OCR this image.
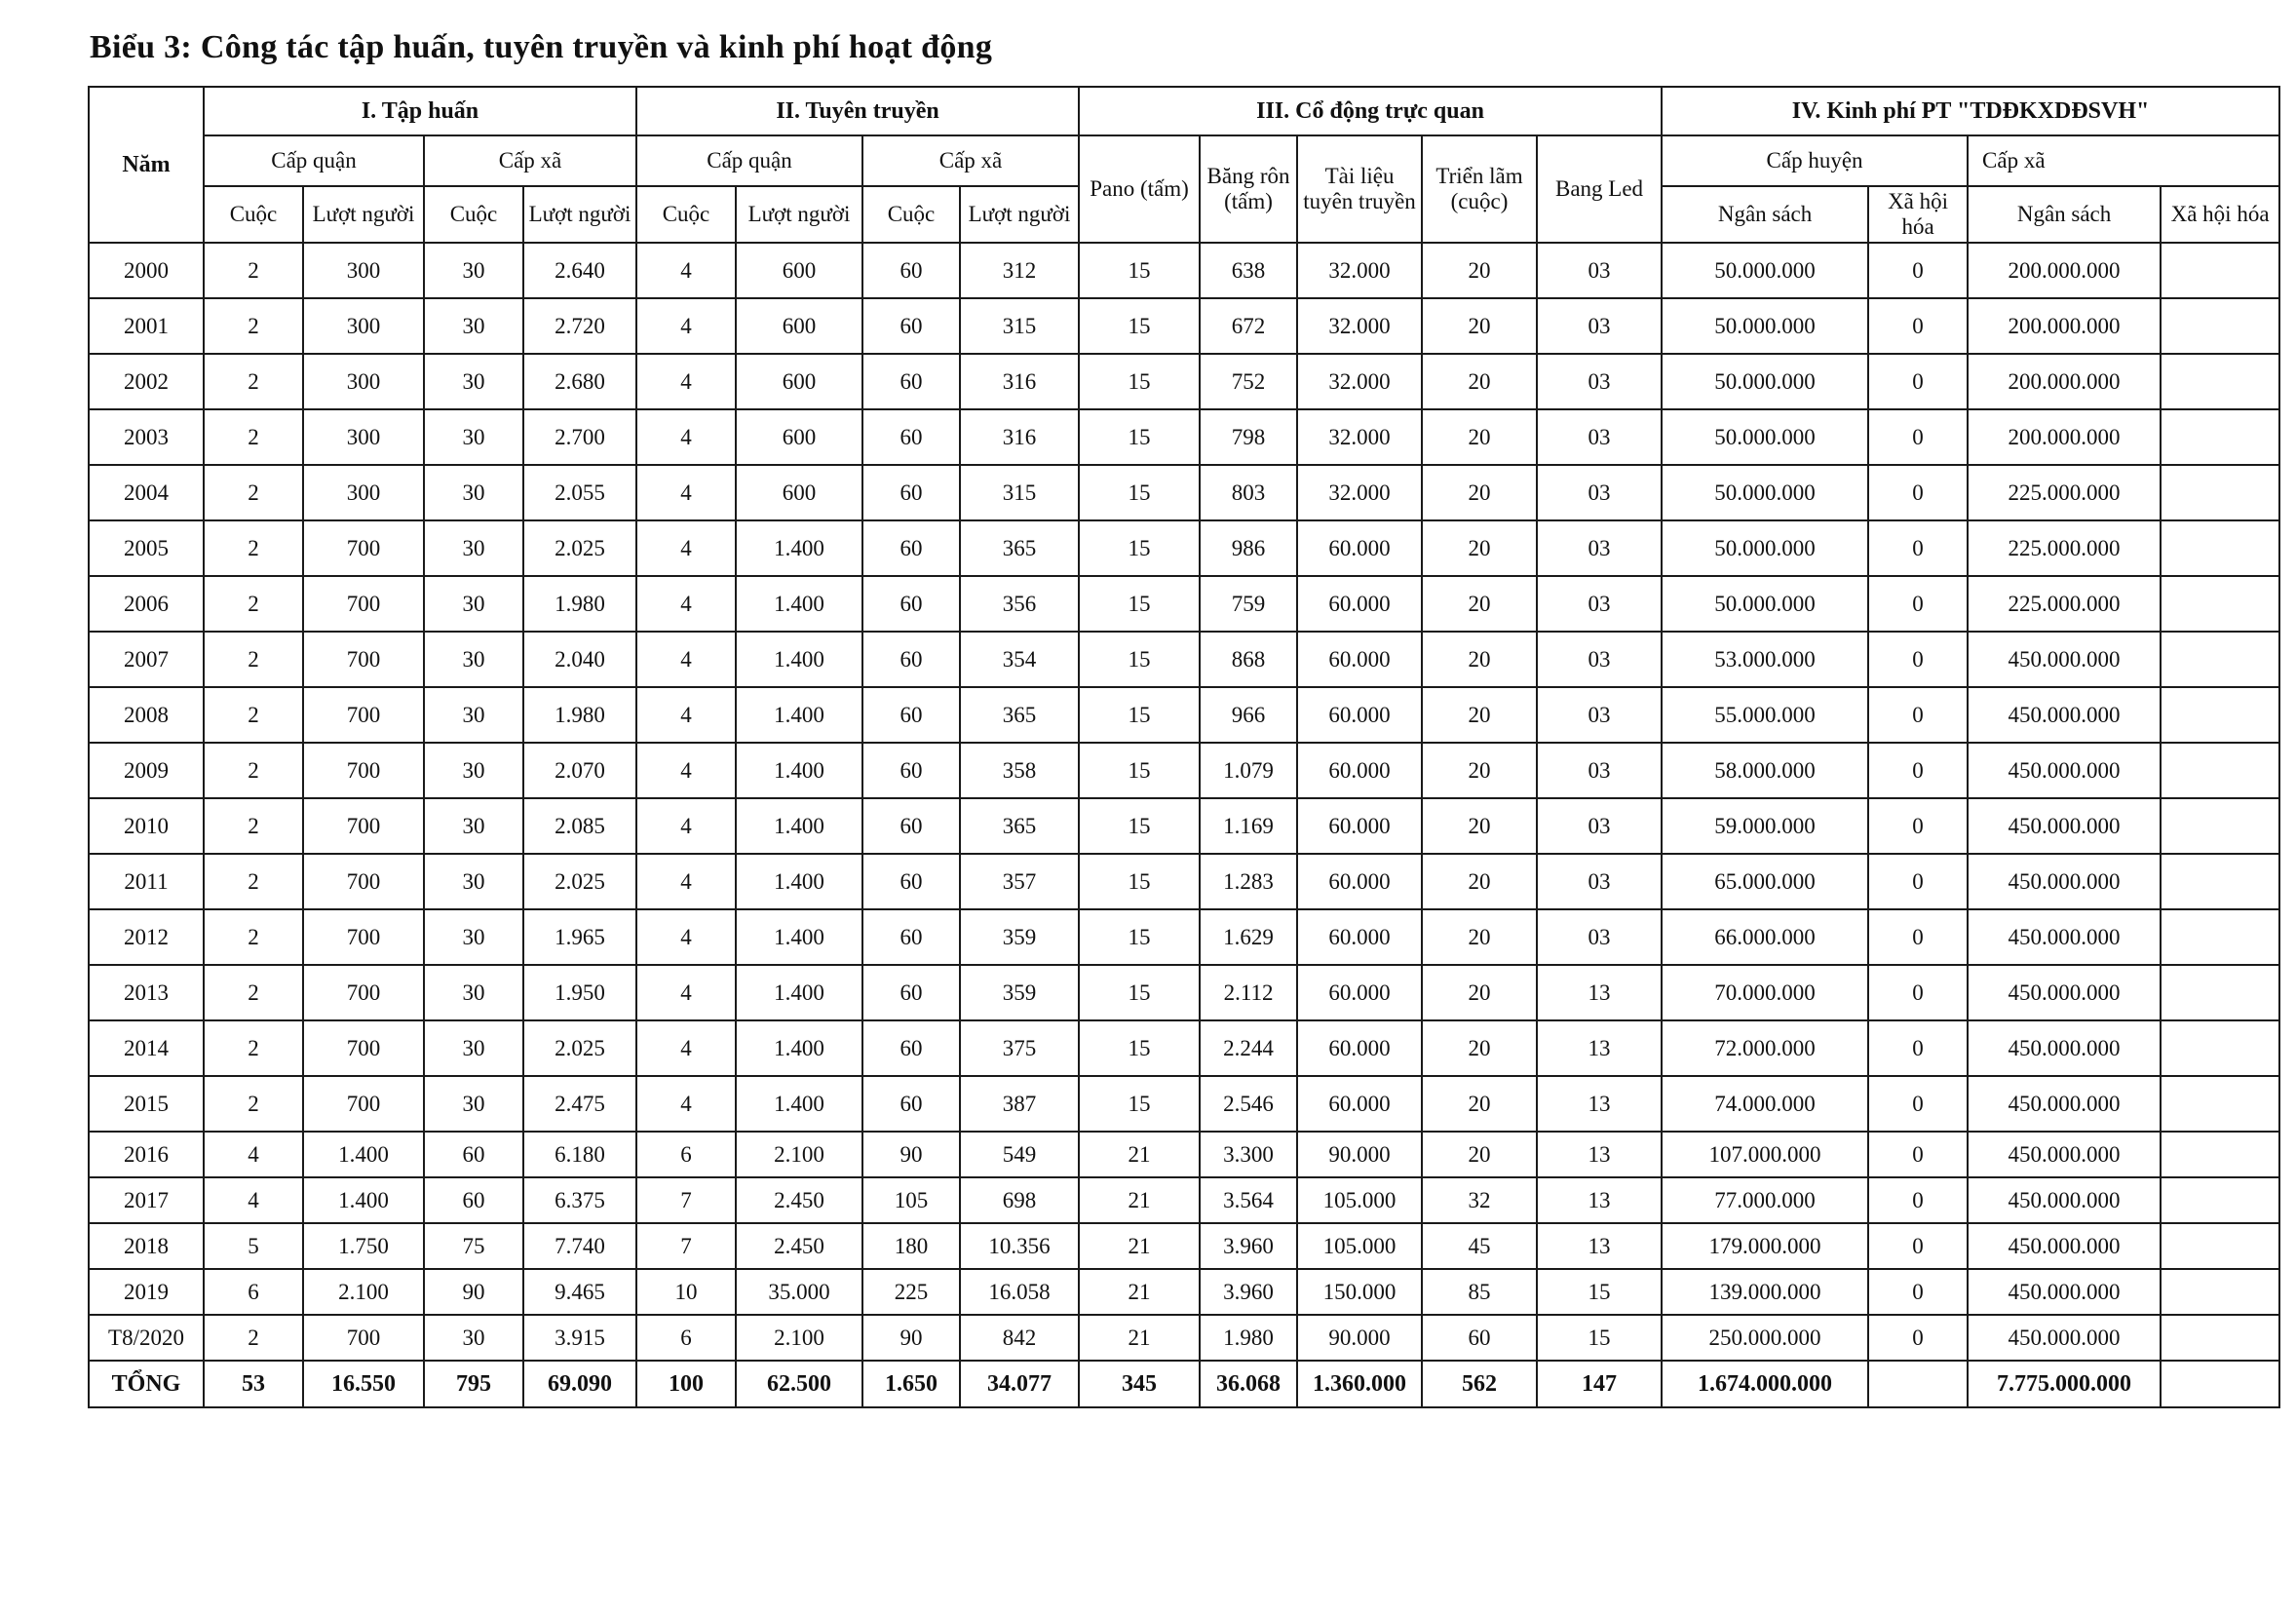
Biểu 3: Công tác tập huấn, tuyên truyền và kinh phí hoạt động
Năm	I. Tập huấn				II. Tuyên truyền				III. Cổ động trực quan					IV. Kinh phí PT "TDĐKXDĐSVH"			
	Cấp quận		Cấp xã		Cấp quận		Cấp xã		Pano (tấm)	Băng rôn (tấm)	Tài liệu tuyên truyền	Triển lãm (cuộc)	Bang Led	Cấp huyện		Cấp xã	
	Cuộc	Lượt người	Cuộc	Lượt người	Cuộc	Lượt người	Cuộc	Lượt người						Ngân sách	Xã hội hóa	Ngân sách	Xã hội hóa
2000	2	300	30	2.640	4	600	60	312	15	638	32.000	20	03	50.000.000	0	200.000.000	
2001	2	300	30	2.720	4	600	60	315	15	672	32.000	20	03	50.000.000	0	200.000.000	
2002	2	300	30	2.680	4	600	60	316	15	752	32.000	20	03	50.000.000	0	200.000.000	
2003	2	300	30	2.700	4	600	60	316	15	798	32.000	20	03	50.000.000	0	200.000.000	
2004	2	300	30	2.055	4	600	60	315	15	803	32.000	20	03	50.000.000	0	225.000.000	
2005	2	700	30	2.025	4	1.400	60	365	15	986	60.000	20	03	50.000.000	0	225.000.000	
2006	2	700	30	1.980	4	1.400	60	356	15	759	60.000	20	03	50.000.000	0	225.000.000	
2007	2	700	30	2.040	4	1.400	60	354	15	868	60.000	20	03	53.000.000	0	450.000.000	
2008	2	700	30	1.980	4	1.400	60	365	15	966	60.000	20	03	55.000.000	0	450.000.000	
2009	2	700	30	2.070	4	1.400	60	358	15	1.079	60.000	20	03	58.000.000	0	450.000.000	
2010	2	700	30	2.085	4	1.400	60	365	15	1.169	60.000	20	03	59.000.000	0	450.000.000	
2011	2	700	30	2.025	4	1.400	60	357	15	1.283	60.000	20	03	65.000.000	0	450.000.000	
2012	2	700	30	1.965	4	1.400	60	359	15	1.629	60.000	20	03	66.000.000	0	450.000.000	
2013	2	700	30	1.950	4	1.400	60	359	15	2.112	60.000	20	13	70.000.000	0	450.000.000	
2014	2	700	30	2.025	4	1.400	60	375	15	2.244	60.000	20	13	72.000.000	0	450.000.000	
2015	2	700	30	2.475	4	1.400	60	387	15	2.546	60.000	20	13	74.000.000	0	450.000.000	
2016	4	1.400	60	6.180	6	2.100	90	549	21	3.300	90.000	20	13	107.000.000	0	450.000.000	
2017	4	1.400	60	6.375	7	2.450	105	698	21	3.564	105.000	32	13	77.000.000	0	450.000.000	
2018	5	1.750	75	7.740	7	2.450	180	10.356	21	3.960	105.000	45	13	179.000.000	0	450.000.000	
2019	6	2.100	90	9.465	10	35.000	225	16.058	21	3.960	150.000	85	15	139.000.000	0	450.000.000	
T8/2020	2	700	30	3.915	6	2.100	90	842	21	1.980	90.000	60	15	250.000.000	0	450.000.000	
TỔNG	53	16.550	795	69.090	100	62.500	1.650	34.077	345	36.068	1.360.000	562	147	1.674.000.000		7.775.000.000	
